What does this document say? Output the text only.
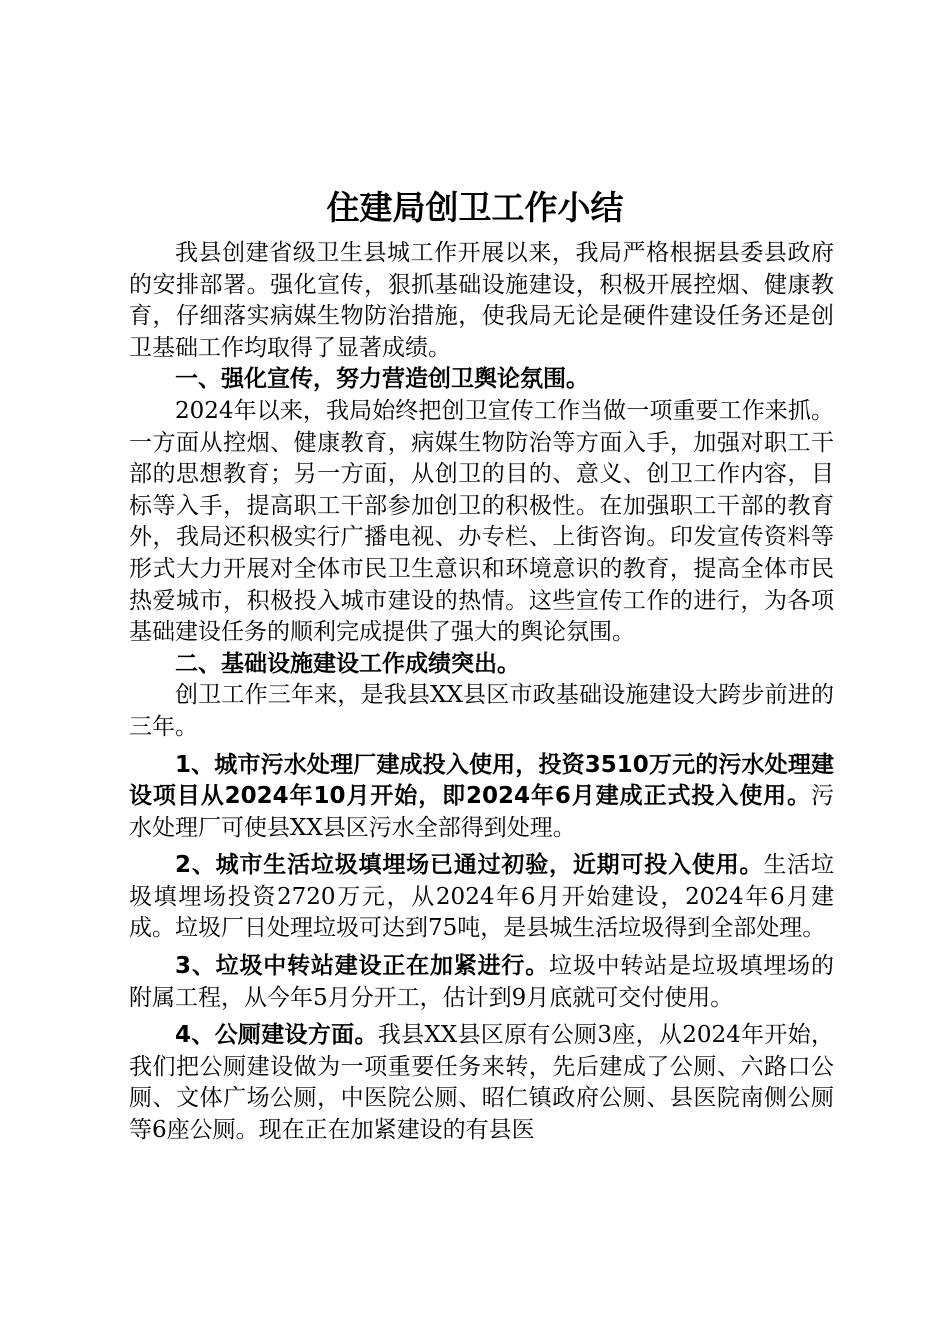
住建局创卫工作小结

我县创建省级卫生县城工作开展以来，我局严格根据县委县政府的安排部署。强化宣传，狠抓基础设施建设，积极开展控烟、健康教育，仔细落实病媒生物防治措施，使我局无论是硬件建设任务还是创卫基础工作均取得了显著成绩。

一、强化宣传，努力营造创卫舆论氛围。

2024年以来，我局始终把创卫宣传工作当做一项重要工作来抓。一方面从控烟、健康教育，病媒生物防治等方面入手，加强对职工干部的思想教育；另一方面，从创卫的目的、意义、创卫工作内容，目标等入手，提高职工干部参加创卫的积极性。在加强职工干部的教育外，我局还积极实行广播电视、办专栏、上街咨询。印发宣传资料等形式大力开展对全体市民卫生意识和环境意识的教育，提高全体市民热爱城市，积极投入城市建设的热情。这些宣传工作的进行，为各项基础建设任务的顺利完成提供了强大的舆论氛围。

二、基础设施建设工作成绩突出。

创卫工作三年来，是我县XX县区市政基础设施建设大跨步前进的三年。

1、城市污水处理厂建成投入使用，投资3510万元的污水处理建设项目从2024年10月开始，即2024年6月建成正式投入使用。污水处理厂可使县XX县区污水全部得到处理。

2、城市生活垃圾填埋场已通过初验，近期可投入使用。生活垃圾填埋场投资2720万元，从2024年6月开始建设，2024年6月建成。垃圾厂日处理垃圾可达到75吨，是县城生活垃圾得到全部处理。

3、垃圾中转站建设正在加紧进行。垃圾中转站是垃圾填埋场的附属工程，从今年5月分开工，估计到9月底就可交付使用。

4、公厕建设方面。我县XX县区原有公厕3座，从2024年开始，我们把公厕建设做为一项重要任务来转，先后建成了公厕、六路口公厕、文体广场公厕，中医院公厕、昭仁镇政府公厕、县医院南侧公厕等6座公厕。现在正在加紧建设的有县医
